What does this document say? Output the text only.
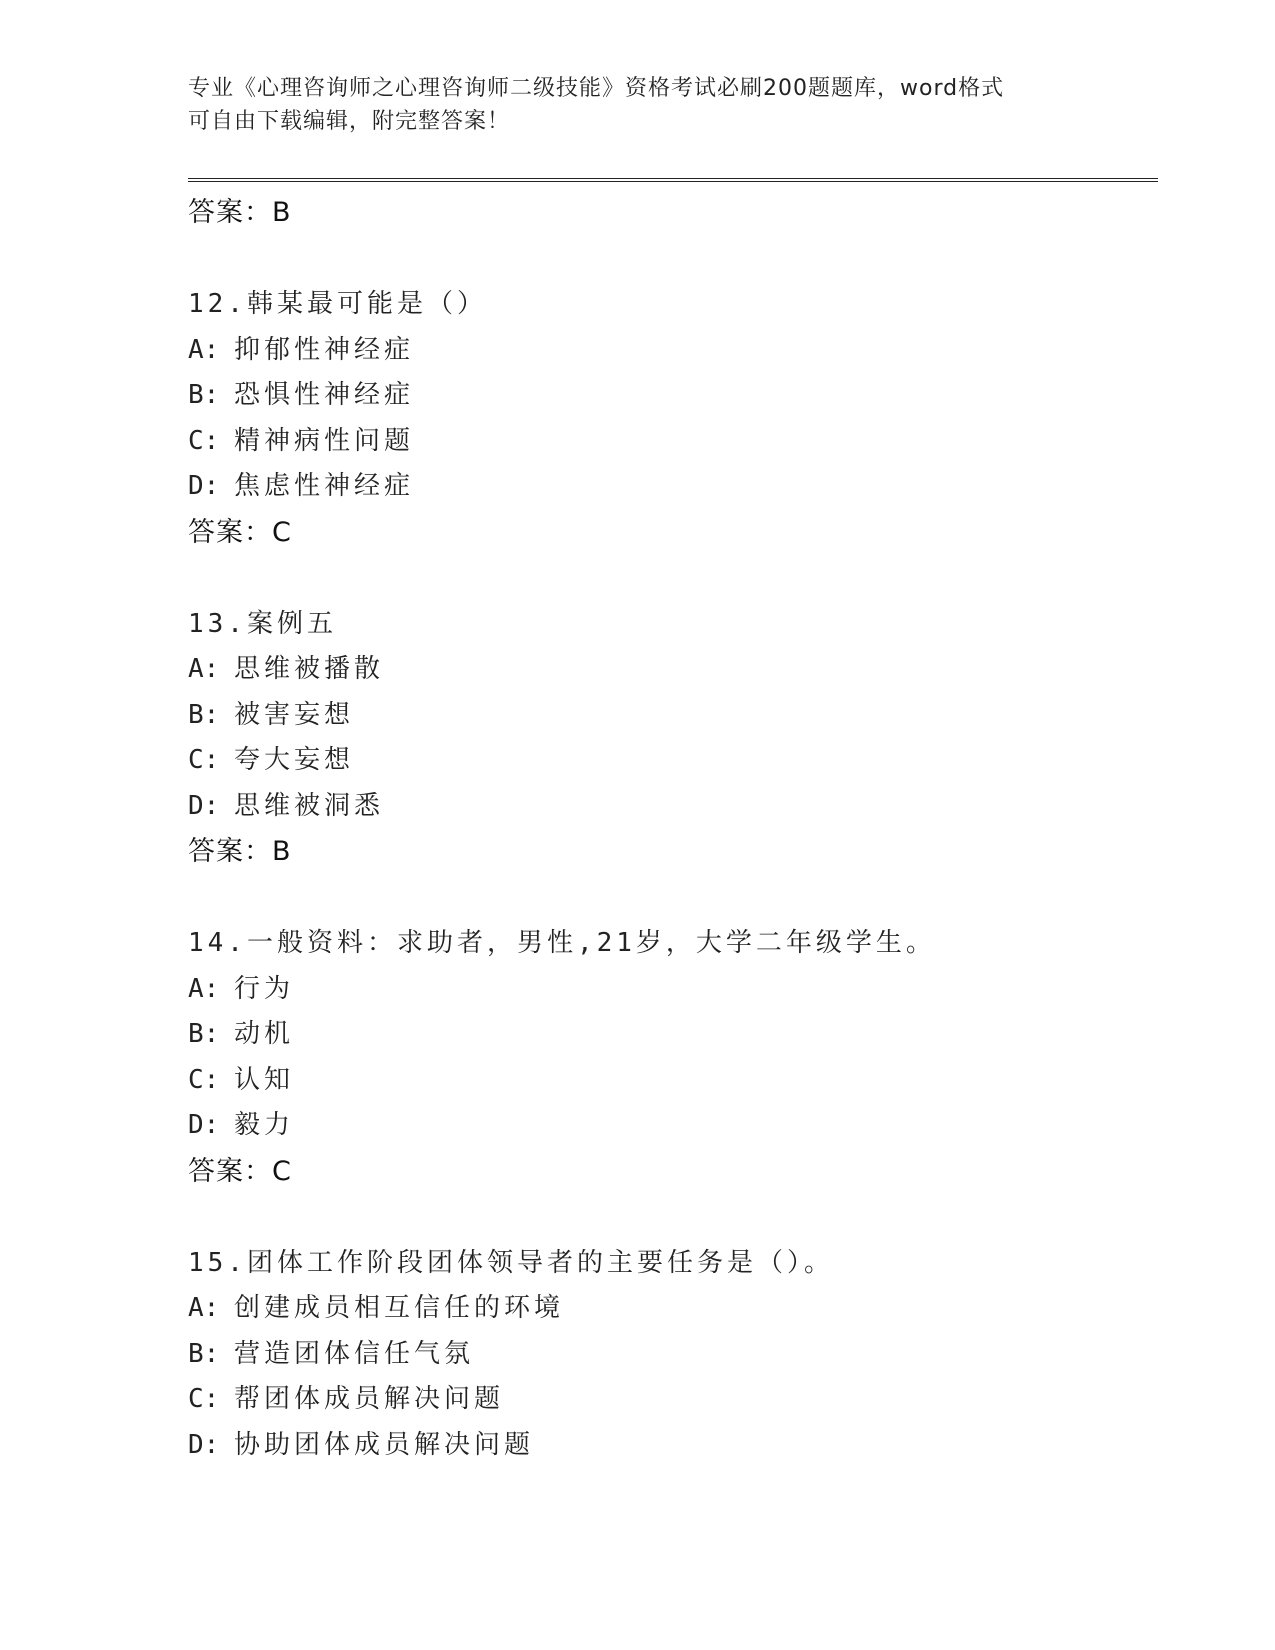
专业《心理咨询师之心理咨询师二级技能》资格考试必刷200题题库，word格式
可自由下载编辑，附完整答案！
答案：B
12.韩某最可能是（）
A: 抑郁性神经症
B: 恐惧性神经症
C: 精神病性问题
D: 焦虑性神经症
答案：C
13.案例五
A: 思维被播散
B: 被害妄想
C: 夸大妄想
D: 思维被洞悉
答案：B
14.一般资料：求助者，男性,21岁，大学二年级学生。
A: 行为
B: 动机
C: 认知
D: 毅力
答案：C
15.团体工作阶段团体领导者的主要任务是（）。
A: 创建成员相互信任的环境
B: 营造团体信任气氛
C: 帮团体成员解决问题
D: 协助团体成员解决问题
